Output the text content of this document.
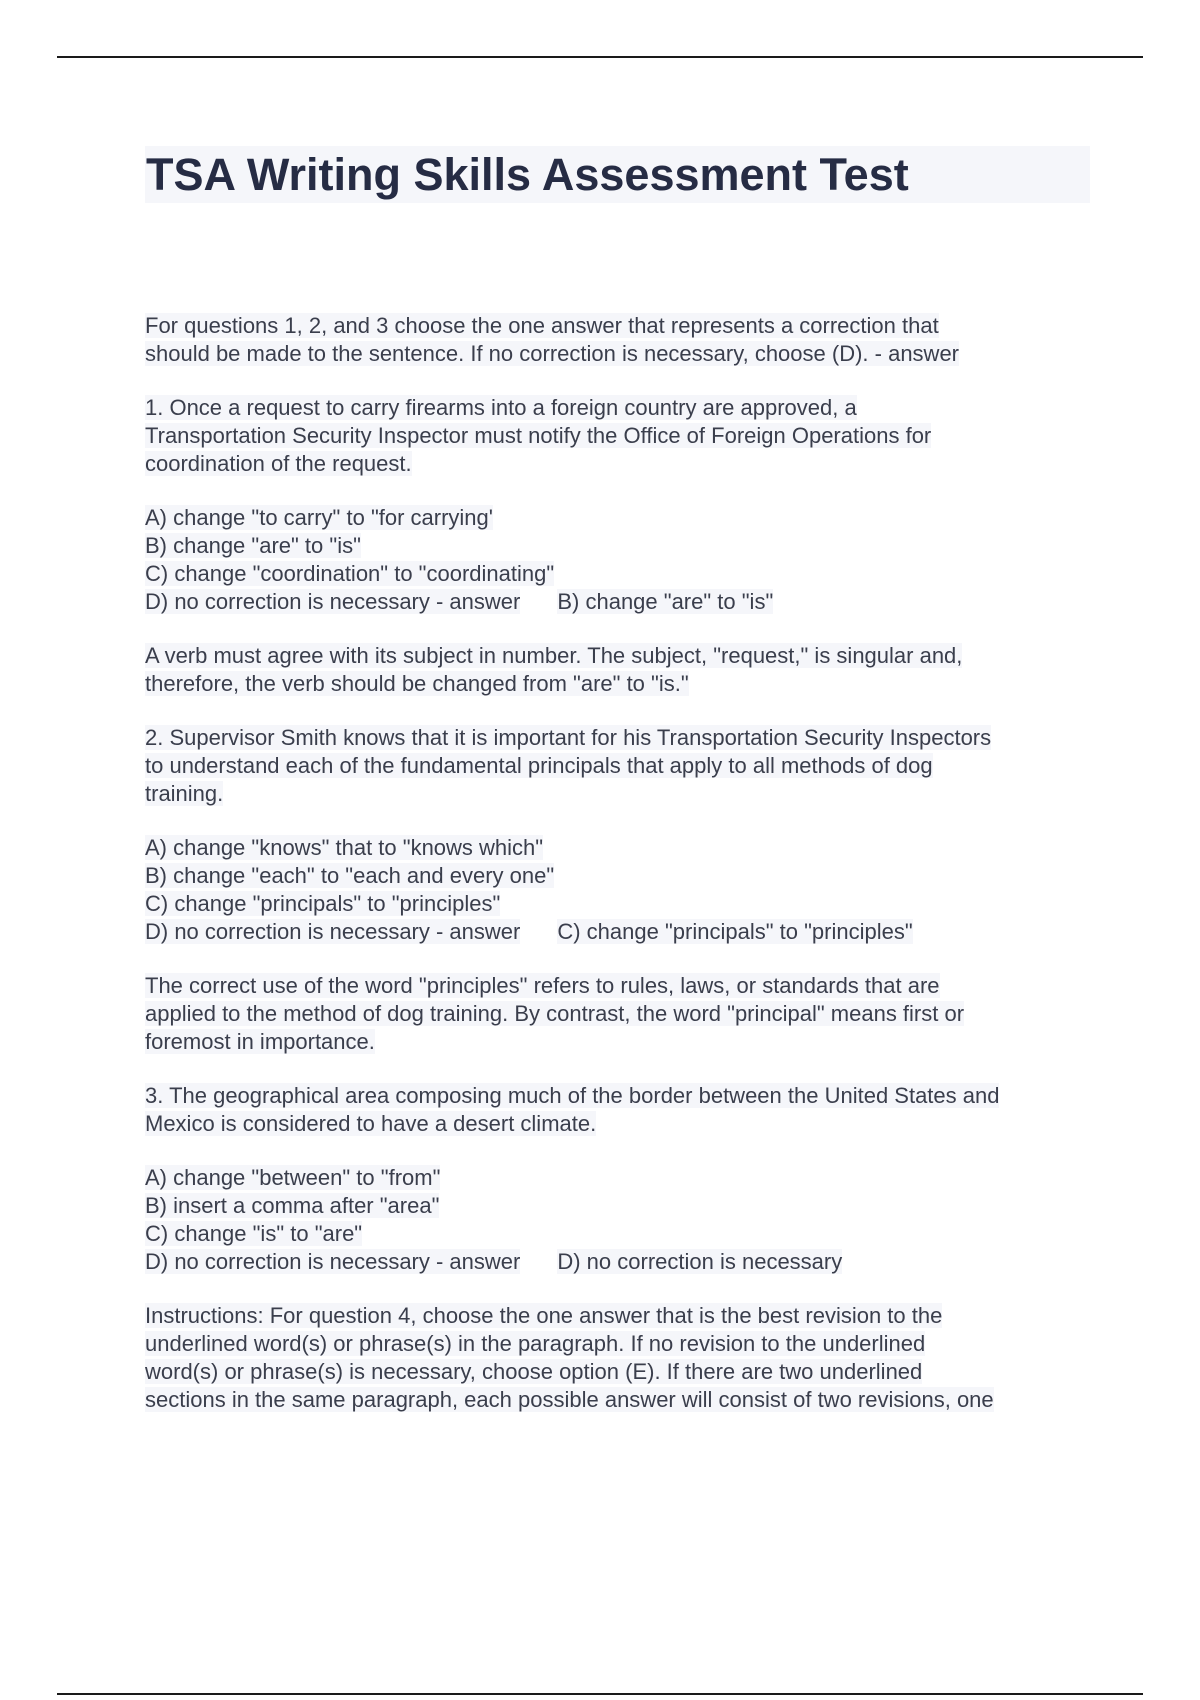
TSA Writing Skills Assessment Test
For questions 1, 2, and 3 choose the one answer that represents a correction that
should be made to the sentence. If no correction is necessary, choose (D). - answer
1. Once a request to carry firearms into a foreign country are approved, a
Transportation Security Inspector must notify the Office of Foreign Operations for
coordination of the request.
A) change "to carry" to "for carrying'
B) change "are" to "is"
C) change "coordination" to "coordinating"
D) no correction is necessary - answer B) change "are" to "is"
A verb must agree with its subject in number. The subject, "request," is singular and,
therefore, the verb should be changed from "are" to "is."
2. Supervisor Smith knows that it is important for his Transportation Security Inspectors
to understand each of the fundamental principals that apply to all methods of dog
training.
A) change "knows" that to "knows which"
B) change "each" to "each and every one"
C) change "principals" to "principles"
D) no correction is necessary - answer C) change "principals" to "principles"
The correct use of the word "principles" refers to rules, laws, or standards that are
applied to the method of dog training. By contrast, the word "principal" means first or
foremost in importance.
3. The geographical area composing much of the border between the United States and
Mexico is considered to have a desert climate.
A) change "between" to "from"
B) insert a comma after "area"
C) change "is" to "are"
D) no correction is necessary - answer D) no correction is necessary
Instructions: For question 4, choose the one answer that is the best revision to the
underlined word(s) or phrase(s) in the paragraph. If no revision to the underlined
word(s) or phrase(s) is necessary, choose option (E). If there are two underlined
sections in the same paragraph, each possible answer will consist of two revisions, one
